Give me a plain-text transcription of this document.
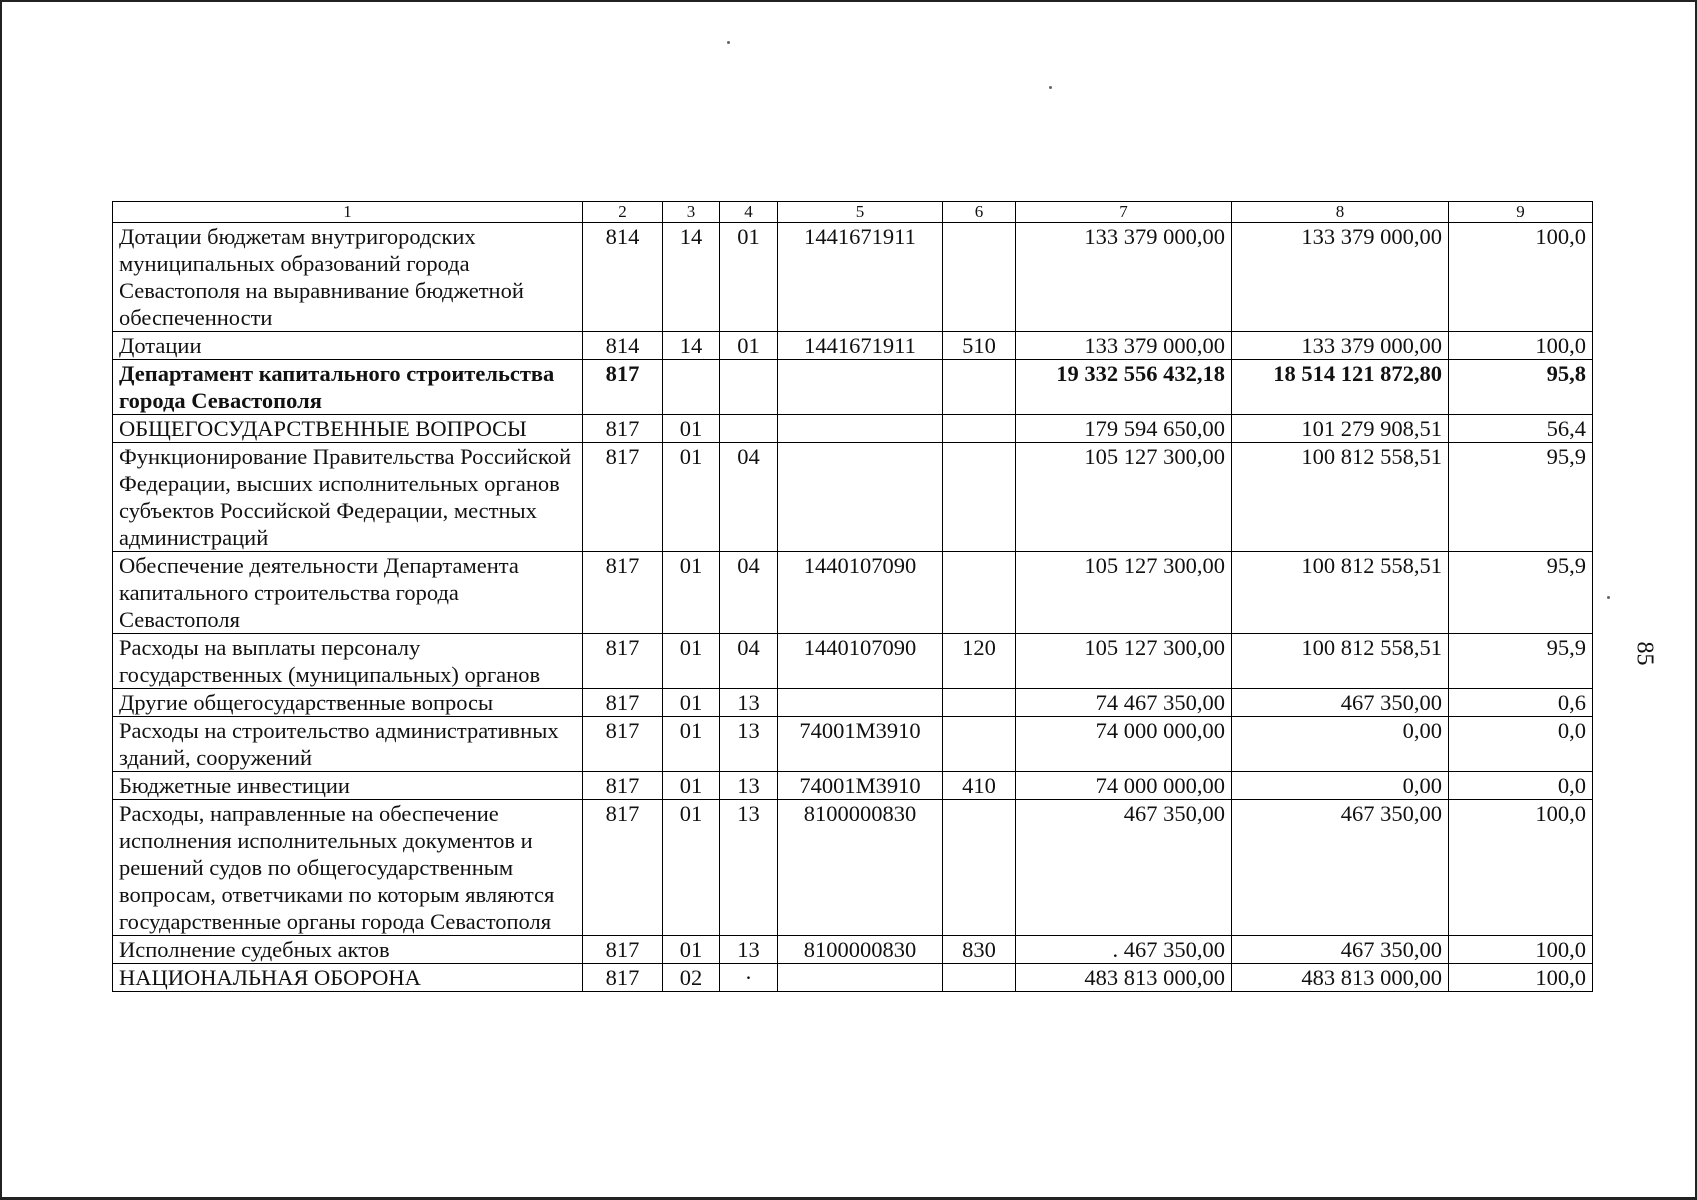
1	2	3	4	5	6	7	8	9
Дотации бюджетам внутригородских муниципальных образований города Севастополя на выравнивание бюджетной обеспеченности	814	14	01	1441671911		133 379 000,00	133 379 000,00	100,0
Дотации	814	14	01	1441671911	510	133 379 000,00	133 379 000,00	100,0
Департамент капитального строительства города Севастополя	817					19 332 556 432,18	18 514 121 872,80	95,8
ОБЩЕГОСУДАРСТВЕННЫЕ ВОПРОСЫ	817	01				179 594 650,00	101 279 908,51	56,4
Функционирование Правительства Российской Федерации, высших исполнительных органов субъектов Российской Федерации, местных администраций	817	01	04			105 127 300,00	100 812 558,51	95,9
Обеспечение деятельности Департамента капитального строительства города Севастополя	817	01	04	1440107090		105 127 300,00	100 812 558,51	95,9
Расходы на выплаты персоналу государственных (муниципальных) органов	817	01	04	1440107090	120	105 127 300,00	100 812 558,51	95,9
Другие общегосударственные вопросы	817	01	13			74 467 350,00	467 350,00	0,6
Расходы на строительство административных зданий, сооружений	817	01	13	74001M3910		74 000 000,00	0,00	0,0
Бюджетные инвестиции	817	01	13	74001M3910	410	74 000 000,00	0,00	0,0
Расходы, направленные на обеспечение исполнения исполнительных документов и решений судов по общегосударственным вопросам, ответчиками по которым являются государственные органы города Севастополя	817	01	13	8100000830		467 350,00	467 350,00	100,0
Исполнение судебных актов	817	01	13	8100000830	830	. 467 350,00	467 350,00	100,0
НАЦИОНАЛЬНАЯ ОБОРОНА	817	02	·			483 813 000,00	483 813 000,00	100,0
85
